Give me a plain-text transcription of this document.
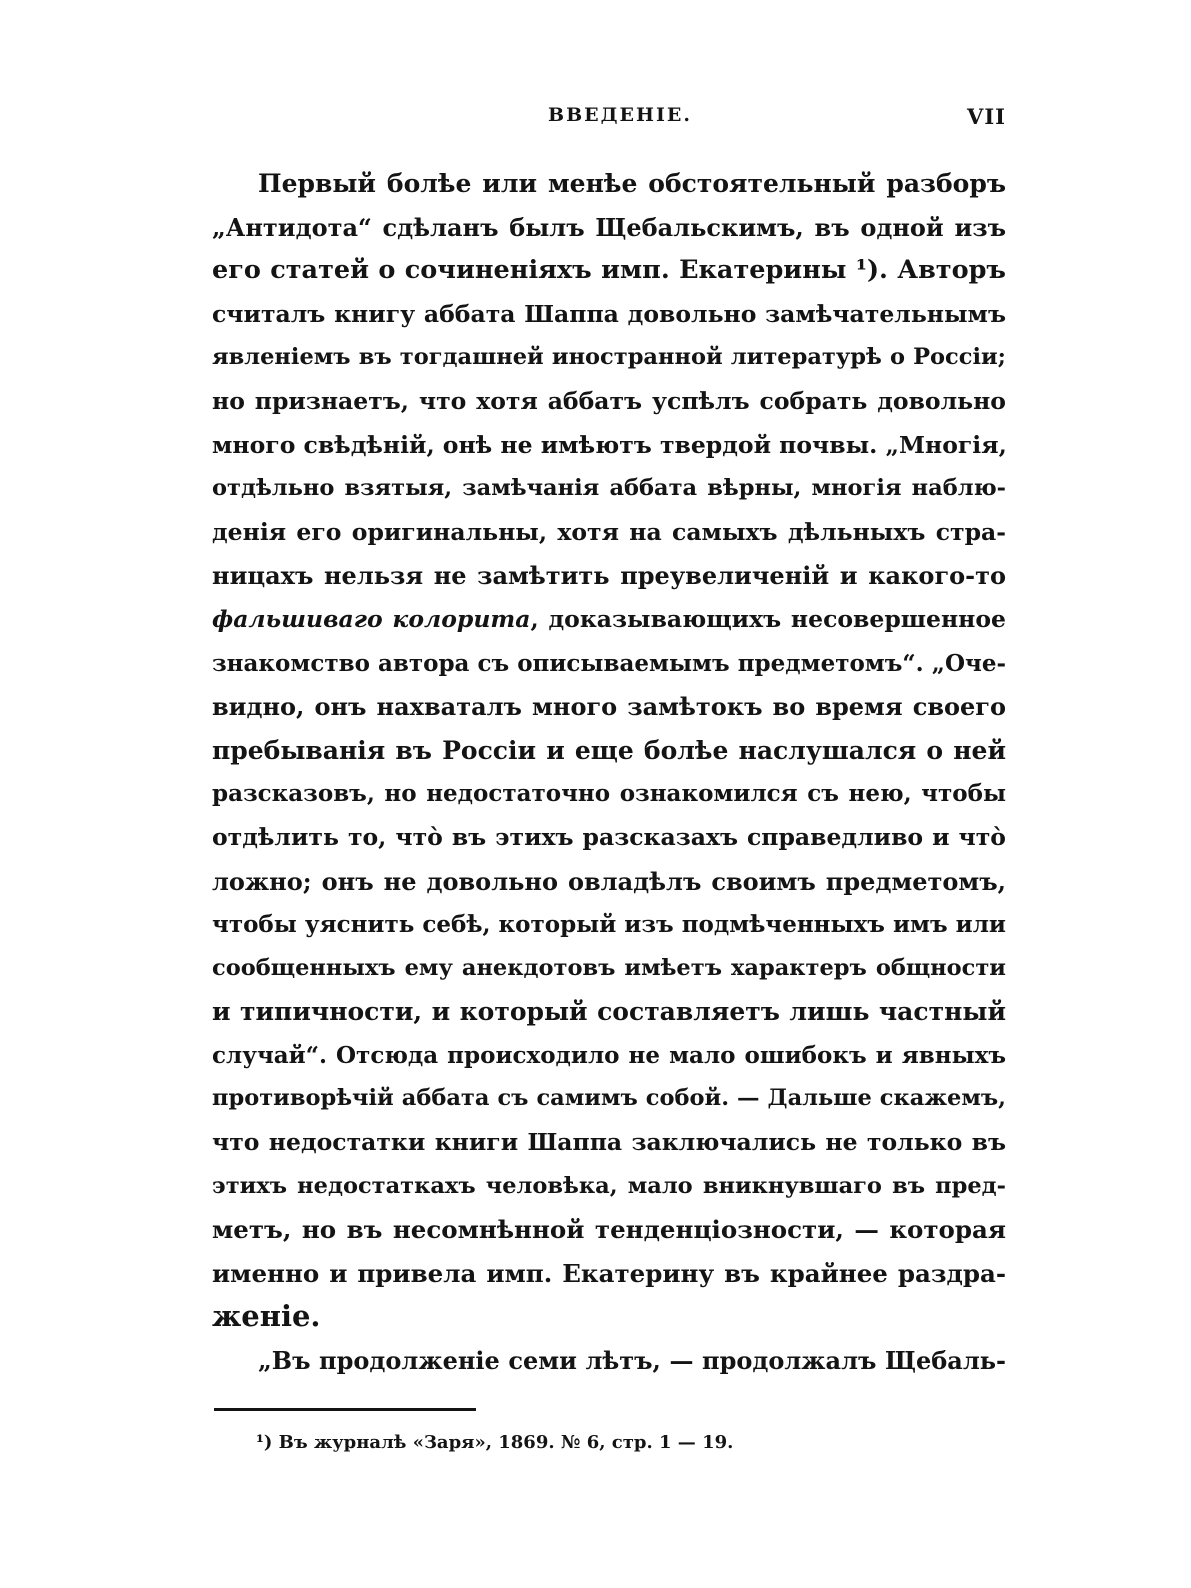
ВВЕДЕНIЕ.	VII
Первый болѣе или менѣе обстоятельный разборъ
„Антидота“ сдѣланъ былъ Щебальскимъ, въ одной изъ
его статей о сочиненiяхъ имп. Екатерины ¹). Авторъ
считалъ книгу аббата Шаппа довольно замѣчательнымъ
явленiемъ въ тогдашней иностранной литературѣ о Россiи;
но признаетъ, что хотя аббатъ успѣлъ собрать довольно
много свѣдѣнiй, онѣ не имѣютъ твердой почвы. „Многiя,
отдѣльно взятыя, замѣчанiя аббата вѣрны, многiя наблю-
денiя его оригинальны, хотя на самыхъ дѣльныхъ стра-
ницахъ нельзя не замѣтить преувеличенiй и какого-то
фальшиваго колорита, доказывающихъ несовершенное
знакомство автора съ описываемымъ предметомъ“. „Оче-
видно, онъ нахваталъ много замѣтокъ во время своего
пребыванiя въ Россiи и еще болѣе наслушался о ней
разсказовъ, но недостаточно ознакомился съ нею, чтобы
отдѣлить то, что̀ въ этихъ разсказахъ справедливо и что̀
ложно; онъ не довольно овладѣлъ своимъ предметомъ,
чтобы уяснить себѣ, который изъ подмѣченныхъ имъ или
сообщенныхъ ему анекдотовъ имѣетъ характеръ общности
и типичности, и который составляетъ лишь частный
случай“. Отсюда происходило не мало ошибокъ и явныхъ
противорѣчiй аббата съ самимъ собой. — Дальше скажемъ,
что недостатки книги Шаппа заключались не только въ
этихъ недостаткахъ человѣка, мало вникнувшаго въ пред-
метъ, но въ несомнѣнной тенденцiозности, — которая
именно и привела имп. Екатерину въ крайнее раздра-
женiе.
„Въ продолженiе семи лѣтъ, — продолжалъ Щебаль-
¹) Въ журналѣ «Заря», 1869. № 6, стр. 1 — 19.
